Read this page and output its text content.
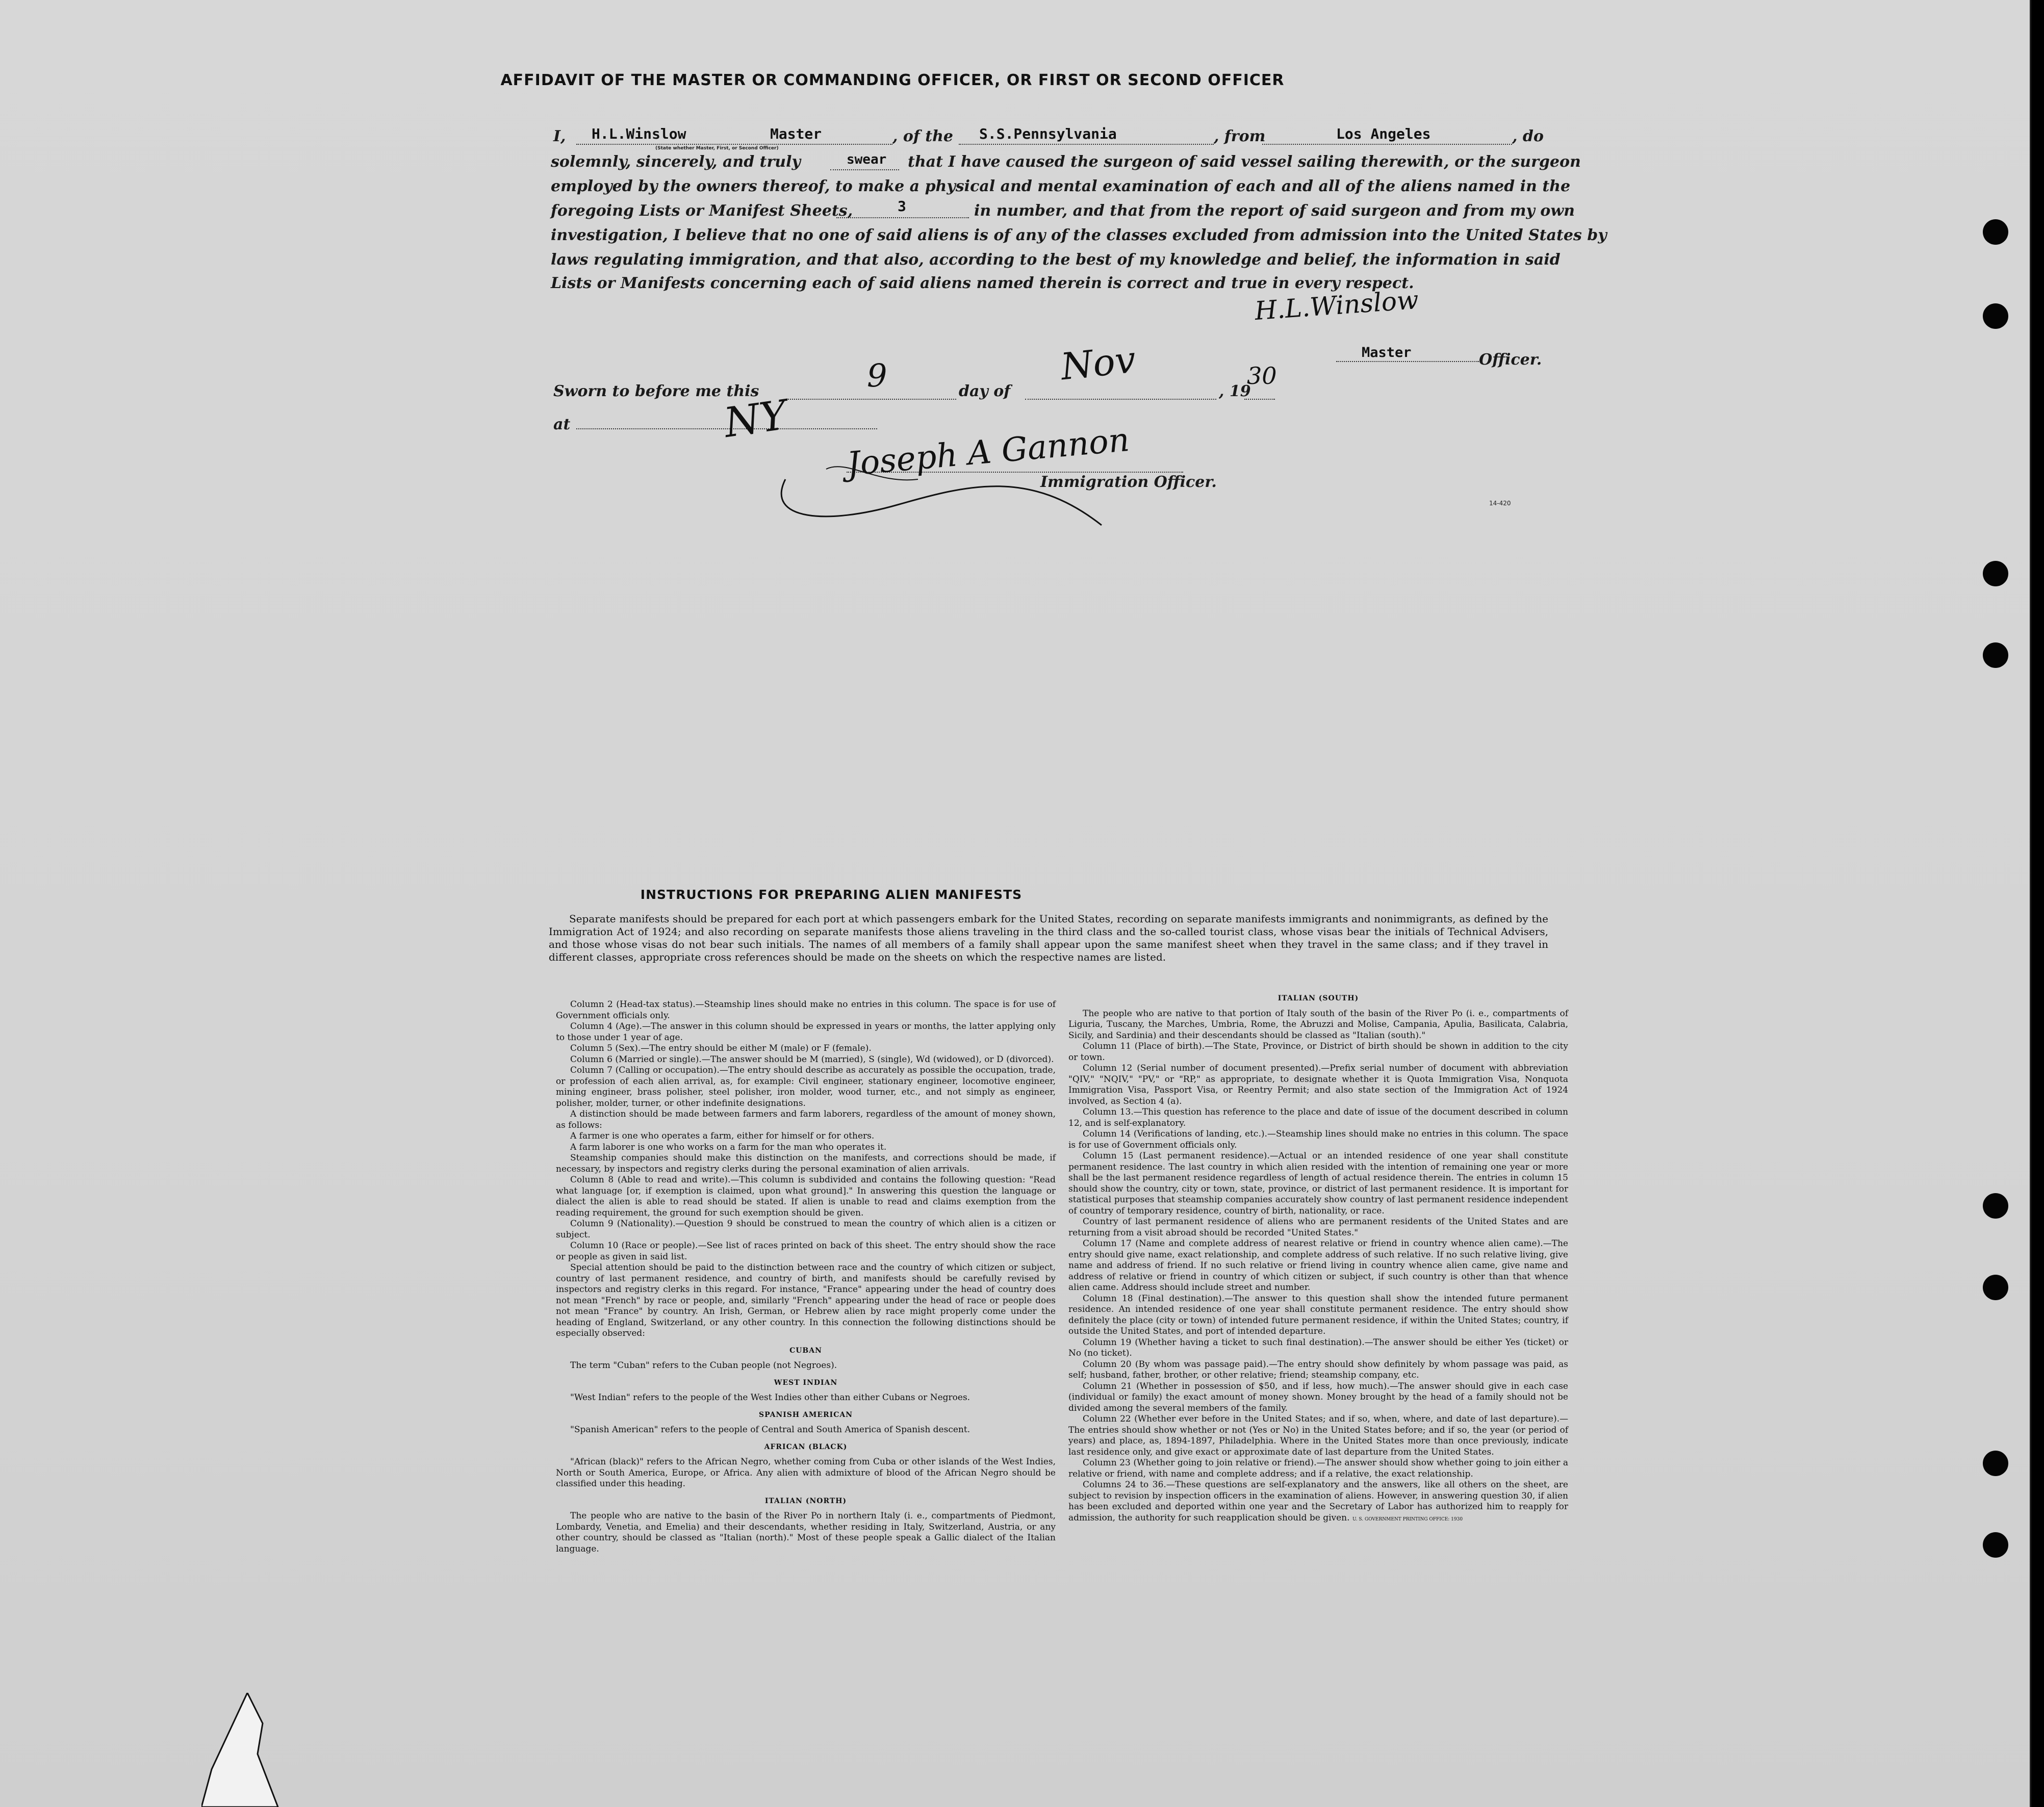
AFFIDAVIT OF THE MASTER OR COMMANDING OFFICER, OR FIRST OR SECOND OFFICER
I, H.L.Winslow	Master
(State whether Master, First, or Second Officer)
, of the S.S.Pennsylvania	, from	Los Angeles	, do
solemnly, sincerely, and truly	swear that I have caused the surgeon of said vessel sailing therewith, or the surgeon
employed by the owners thereof, to make a physical and mental examination of each and all of the aliens named in the
foregoing Lists or Manifest Sheets,	3	in number, and that from the report of said surgeon and from my own
investigation, I believe that no one of said aliens is of any of the classes excluded from admission into the United States by
laws regulating immigration, and that also, according to the best of my knowledge and belief, the information in said
Lists or Manifests concerning each of said aliens named therein is correct and true in every respect.
H.L.Winslow
Master	Officer.
Sworn to before me this	9	day of
Nov
, 19
30
at	NY
Joseph A Gannon
Immigration Officer.
14-420
INSTRUCTIONS FOR PREPARING ALIEN MANIFESTS
Separate manifests should be prepared for each port at which passengers embark for the United States, recording on separate manifests immigrants and nonimmigrants, as defined by the Immigration Act of 1924; and also recording on separate manifests those aliens traveling in the third class and the so-called tourist class, whose visas bear the initials of Technical Advisers, and those whose visas do not bear such initials. The names of all members of a family shall appear upon the same manifest sheet when they travel in the same class; and if they travel in different classes, appropriate cross references should be made on the sheets on which the respective names are listed.

Column 2 (Head-tax status).—Steamship lines should make no entries in this column. The space is for use of Government officials only.

Column 4 (Age).—The answer in this column should be expressed in years or months, the latter applying only to those under 1 year of age.

Column 5 (Sex).—The entry should be either M (male) or F (female).

Column 6 (Married or single).—The answer should be M (married), S (single), Wd (widowed), or D (divorced).

Column 7 (Calling or occupation).—The entry should describe as accurately as possible the occupation, trade, or profession of each alien arrival, as, for example: Civil engineer, stationary engineer, locomotive engineer, mining engineer, brass polisher, steel polisher, iron molder, wood turner, etc., and not simply as engineer, polisher, molder, turner, or other indefinite designations.

A distinction should be made between farmers and farm laborers, regardless of the amount of money shown, as follows:

A farmer is one who operates a farm, either for himself or for others.

A farm laborer is one who works on a farm for the man who operates it.

Steamship companies should make this distinction on the manifests, and corrections should be made, if necessary, by inspectors and registry clerks during the personal examination of alien arrivals.

Column 8 (Able to read and write).—This column is subdivided and contains the following question: "Read what language [or, if exemption is claimed, upon what ground]." In answering this question the language or dialect the alien is able to read should be stated. If alien is unable to read and claims exemption from the reading requirement, the ground for such exemption should be given.

Column 9 (Nationality).—Question 9 should be construed to mean the country of which alien is a citizen or subject.

Column 10 (Race or people).—See list of races printed on back of this sheet. The entry should show the race or people as given in said list.

Special attention should be paid to the distinction between race and the country of which citizen or subject, country of last permanent residence, and country of birth, and manifests should be carefully revised by inspectors and registry clerks in this regard. For instance, "France" appearing under the head of country does not mean "French" by race or people, and, similarly "French" appearing under the head of race or people does not mean "France" by country. An Irish, German, or Hebrew alien by race might properly come under the heading of England, Switzerland, or any other country. In this connection the following distinctions should be especially observed:

CUBAN

The term "Cuban" refers to the Cuban people (not Negroes).

WEST INDIAN

"West Indian" refers to the people of the West Indies other than either Cubans or Negroes.

SPANISH AMERICAN

"Spanish American" refers to the people of Central and South America of Spanish descent.

AFRICAN (BLACK)

"African (black)" refers to the African Negro, whether coming from Cuba or other islands of the West Indies, North or South America, Europe, or Africa. Any alien with admixture of blood of the African Negro should be classified under this heading.

ITALIAN (NORTH)

The people who are native to the basin of the River Po in northern Italy (i. e., compartments of Piedmont, Lombardy, Venetia, and Emelia) and their descendants, whether residing in Italy, Switzerland, Austria, or any other country, should be classed as "Italian (north)." Most of these people speak a Gallic dialect of the Italian language.

ITALIAN (SOUTH)

The people who are native to that portion of Italy south of the basin of the River Po (i. e., compartments of Liguria, Tuscany, the Marches, Umbria, Rome, the Abruzzi and Molise, Campania, Apulia, Basilicata, Calabria, Sicily, and Sardinia) and their descendants should be classed as "Italian (south)."

Column 11 (Place of birth).—The State, Province, or District of birth should be shown in addition to the city or town.

Column 12 (Serial number of document presented).—Prefix serial number of document with abbreviation "QIV," "NQIV," "PV," or "RP," as appropriate, to designate whether it is Quota Immigration Visa, Nonquota Immigration Visa, Passport Visa, or Reentry Permit; and also state section of the Immigration Act of 1924 involved, as Section 4 (a).

Column 13.—This question has reference to the place and date of issue of the document described in column 12, and is self-explanatory.

Column 14 (Verifications of landing, etc.).—Steamship lines should make no entries in this column. The space is for use of Government officials only.

Column 15 (Last permanent residence).—Actual or an intended residence of one year shall constitute permanent residence. The last country in which alien resided with the intention of remaining one year or more shall be the last permanent residence regardless of length of actual residence therein. The entries in column 15 should show the country, city or town, state, province, or district of last permanent residence. It is important for statistical purposes that steamship companies accurately show country of last permanent residence independent of country of temporary residence, country of birth, nationality, or race.

Country of last permanent residence of aliens who are permanent residents of the United States and are returning from a visit abroad should be recorded "United States."

Column 17 (Name and complete address of nearest relative or friend in country whence alien came).—The entry should give name, exact relationship, and complete address of such relative. If no such relative living, give name and address of friend. If no such relative or friend living in country whence alien came, give name and address of relative or friend in country of which citizen or subject, if such country is other than that whence alien came. Address should include street and number.

Column 18 (Final destination).—The answer to this question shall show the intended future permanent residence. An intended residence of one year shall constitute permanent residence. The entry should show definitely the place (city or town) of intended future permanent residence, if within the United States; country, if outside the United States, and port of intended departure.

Column 19 (Whether having a ticket to such final destination).—The answer should be either Yes (ticket) or No (no ticket).

Column 20 (By whom was passage paid).—The entry should show definitely by whom passage was paid, as self; husband, father, brother, or other relative; friend; steamship company, etc.

Column 21 (Whether in possession of $50, and if less, how much).—The answer should give in each case (individual or family) the exact amount of money shown. Money brought by the head of a family should not be divided among the several members of the family.

Column 22 (Whether ever before in the United States; and if so, when, where, and date of last departure).—The entries should show whether or not (Yes or No) in the United States before; and if so, the year (or period of years) and place, as, 1894-1897, Philadelphia. Where in the United States more than once previously, indicate last residence only, and give exact or approximate date of last departure from the United States.

Column 23 (Whether going to join relative or friend).—The answer should show whether going to join either a relative or friend, with name and complete address; and if a relative, the exact relationship.

Columns 24 to 36.—These questions are self-explanatory and the answers, like all others on the sheet, are subject to revision by inspection officers in the examination of aliens. However, in answering question 30, if alien has been excluded and deported within one year and the Secretary of Labor has authorized him to reapply for admission, the authority for such reapplication should be given. U. S. GOVERNMENT PRINTING OFFICE: 1930
